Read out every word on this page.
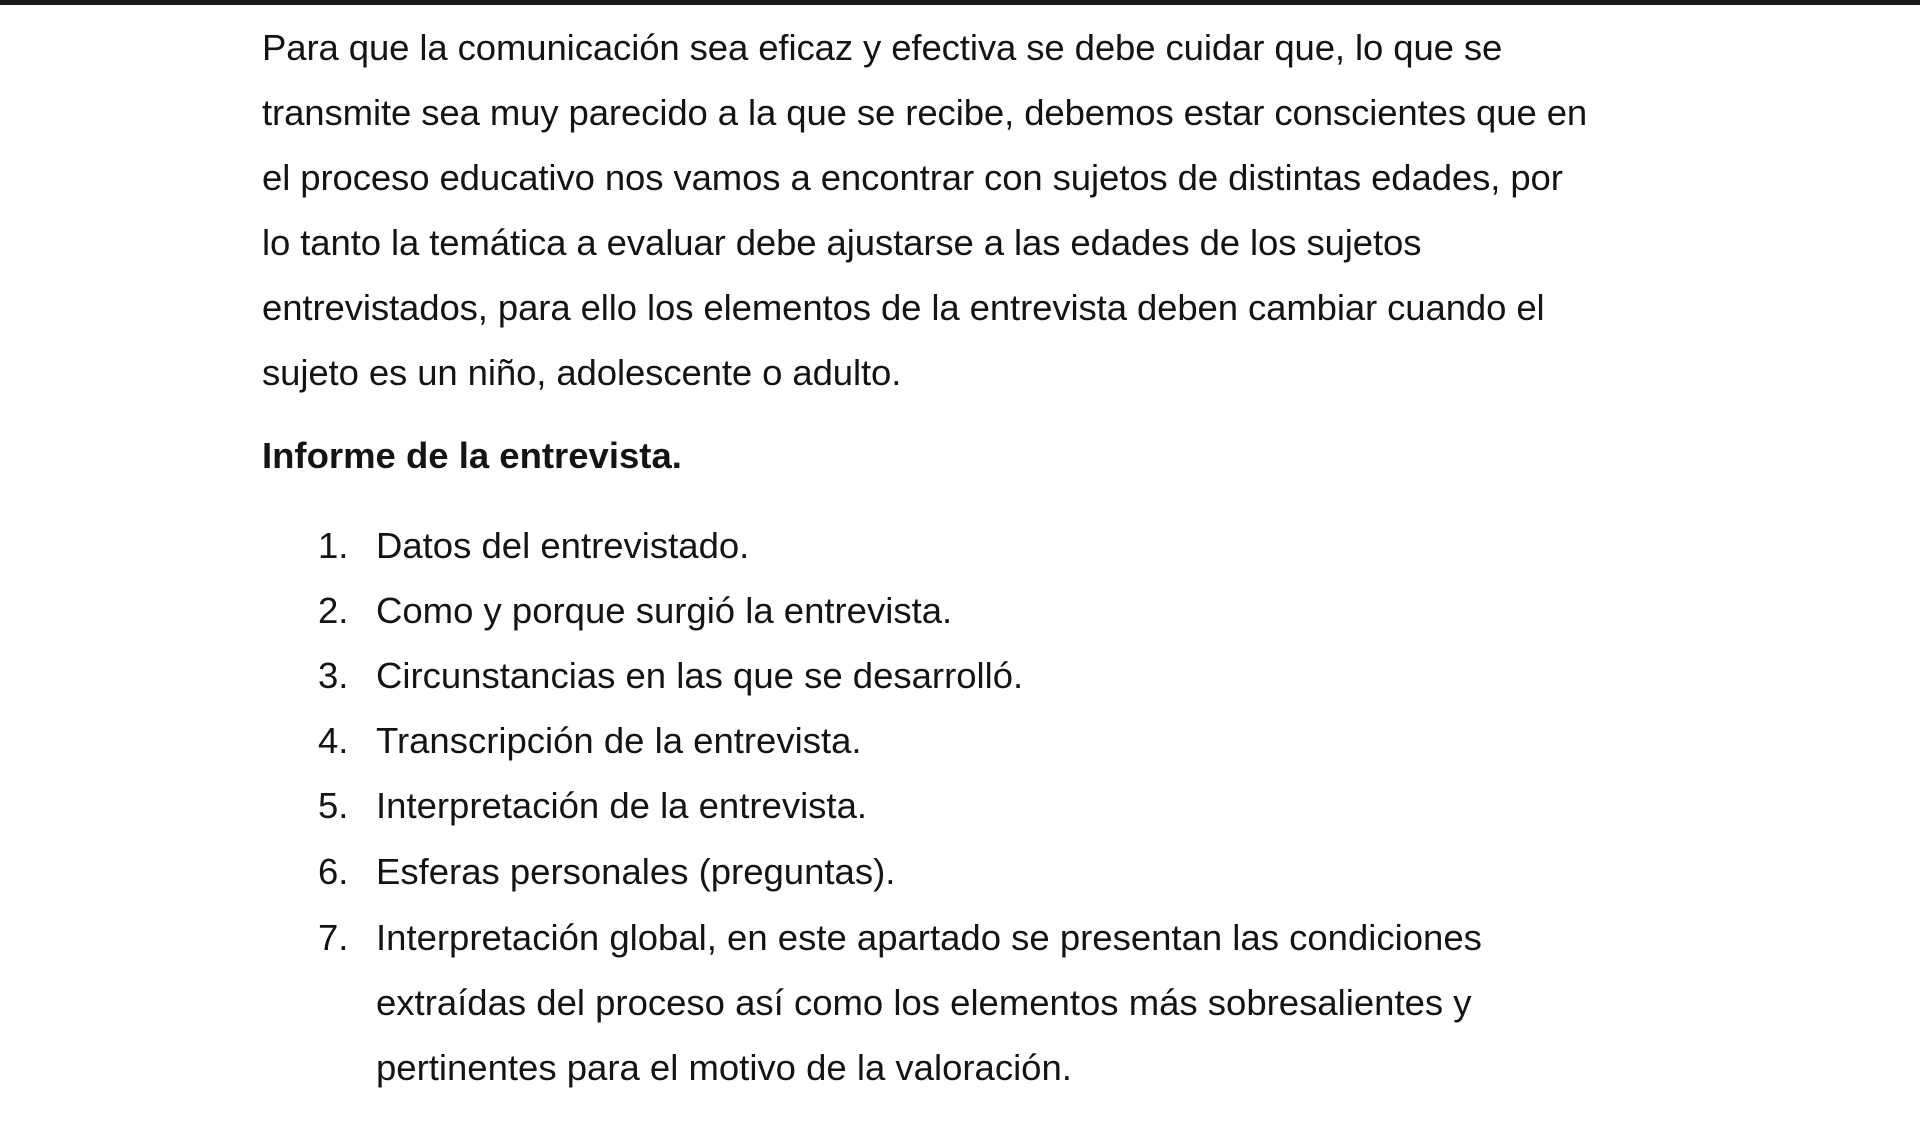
Para que la comunicación sea eficaz y efectiva se debe cuidar que, lo que se
transmite sea muy parecido a la que se recibe, debemos estar conscientes que en
el proceso educativo nos vamos a encontrar con sujetos de distintas edades, por
lo tanto la temática a evaluar debe ajustarse a las edades de los sujetos
entrevistados, para ello los elementos de la entrevista deben cambiar cuando el
sujeto es un niño, adolescente o adulto.

Informe de la entrevista.
1. Datos del entrevistado.
2. Como y porque surgió la entrevista.
3. Circunstancias en las que se desarrolló.
4. Transcripción de la entrevista.
5. Interpretación de la entrevista.
6. Esferas personales (preguntas).
7. Interpretación global, en este apartado se presentan las condiciones
extraídas del proceso así como los elementos más sobresalientes y
pertinentes para el motivo de la valoración.
